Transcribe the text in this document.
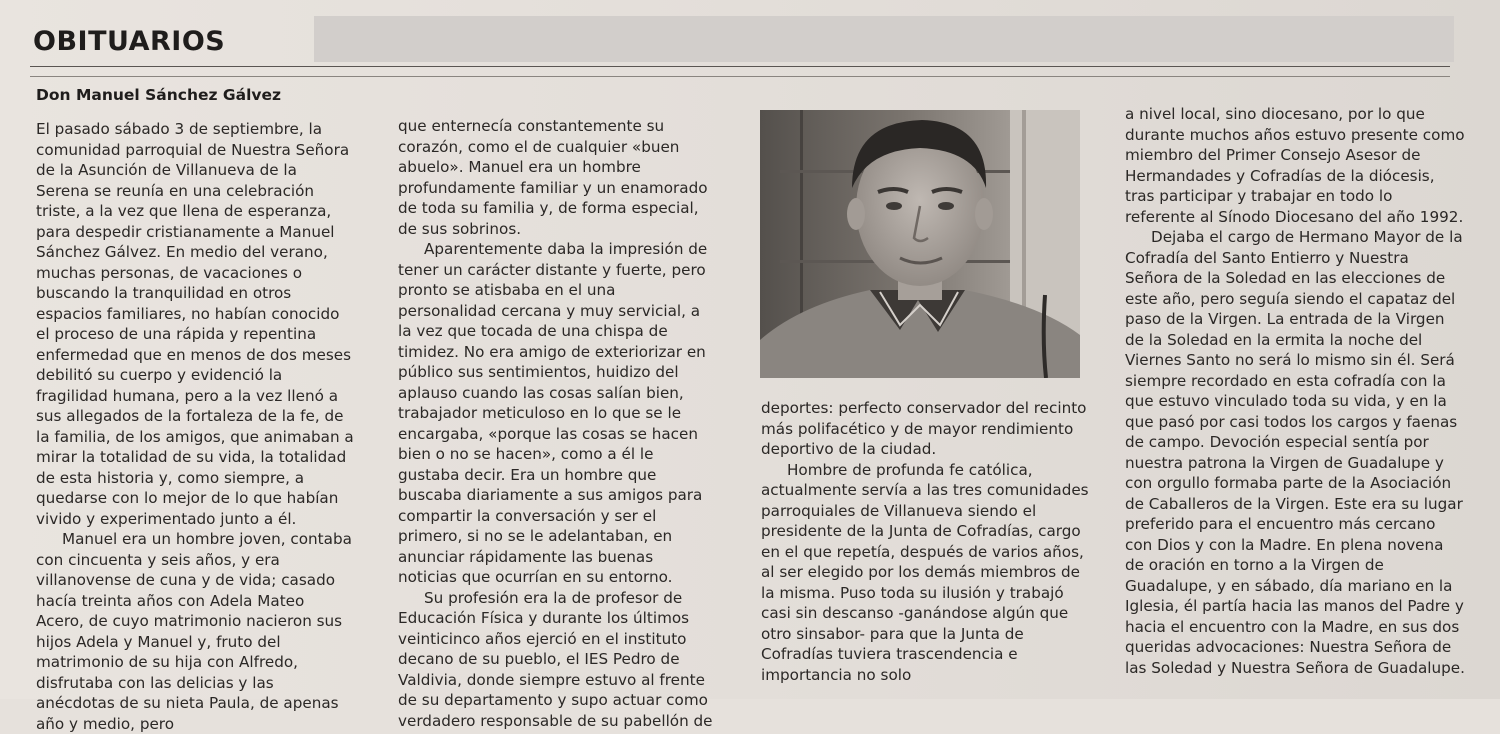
OBITUARIOS
Don Manuel Sánchez Gálvez

El pasado sábado 3 de septiembre, la comunidad parroquial de Nuestra Señora de la Asunción de Villanueva de la Serena se reunía en una celebración triste, a la vez que llena de esperanza, para despedir cristianamente a Manuel Sánchez Gálvez. En medio del verano, muchas personas, de vacaciones o buscando la tranquilidad en otros espacios familiares, no habían conocido el proceso de una rápida y repentina enfermedad que en menos de dos meses debilitó su cuerpo y evidenció la fragilidad humana, pero a la vez llenó a sus allegados de la fortaleza de la fe, de la familia, de los amigos, que animaban a mirar la totalidad de su vida, la totalidad de esta historia y, como siempre, a quedarse con lo mejor de lo que habían vivido y experimentado junto a él.

Manuel era un hombre joven, contaba con cincuenta y seis años, y era villanovense de cuna y de vida; casado hacía treinta años con Adela Mateo Acero, de cuyo matrimonio nacieron sus hijos Adela y Manuel y, fruto del matrimonio de su hija con Alfredo, disfrutaba con las delicias y las anécdotas de su nieta Paula, de apenas año y medio, pero

que enternecía constantemente su corazón, como el de cualquier «buen abuelo». Manuel era un hombre profundamente familiar y un enamorado de toda su familia y, de forma especial, de sus sobrinos.

Aparentemente daba la impresión de tener un carácter distante y fuerte, pero pronto se atisbaba en el una personalidad cercana y muy servicial, a la vez que tocada de una chispa de timidez. No era amigo de exteriorizar en público sus sentimientos, huidizo del aplauso cuando las cosas salían bien, trabajador meticuloso en lo que se le encargaba, «porque las cosas se hacen bien o no se hacen», como a él le gustaba decir. Era un hombre que buscaba diariamente a sus amigos para compartir la conversación y ser el primero, si no se le adelantaban, en anunciar rápidamente las buenas noticias que ocurrían en su entorno.

Su profesión era la de profesor de Educación Física y durante los últimos veinticinco años ejerció en el instituto decano de su pueblo, el IES Pedro de Valdivia, donde siempre estuvo al frente de su departamento y supo actuar como verdadero responsable de su pabellón de

deportes: perfecto conservador del recinto más polifacético y de mayor rendimiento deportivo de la ciudad.

Hombre de profunda fe católica, actualmente servía a las tres comunidades parroquiales de Villanueva siendo el presidente de la Junta de Cofradías, cargo en el que repetía, después de varios años, al ser elegido por los demás miembros de la misma. Puso toda su ilusión y trabajó casi sin descanso -ganándose algún que otro sinsabor- para que la Junta de Cofradías tuviera trascendencia e importancia no solo

a nivel local, sino diocesano, por lo que durante muchos años estuvo presente como miembro del Primer Consejo Asesor de Hermandades y Cofradías de la diócesis, tras participar y trabajar en todo lo referente al Sínodo Diocesano del año 1992.

Dejaba el cargo de Hermano Mayor de la Cofradía del Santo Entierro y Nuestra Señora de la Soledad en las elecciones de este año, pero seguía siendo el capataz del paso de la Virgen. La entrada de la Virgen de la Soledad en la ermita la noche del Viernes Santo no será lo mismo sin él. Será siempre recordado en esta cofradía con la que estuvo vinculado toda su vida, y en la que pasó por casi todos los cargos y faenas de campo. Devoción especial sentía por nuestra patrona la Virgen de Guadalupe y con orgullo formaba parte de la Asociación de Caballeros de la Virgen. Este era su lugar preferido para el encuentro más cercano con Dios y con la Madre. En plena novena de oración en torno a la Virgen de Guadalupe, y en sábado, día mariano en la Iglesia, él partía hacia las manos del Padre y hacia el encuentro con la Madre, en sus dos queridas advocaciones: Nuestra Señora de las Soledad y Nuestra Señora de Guadalupe.
